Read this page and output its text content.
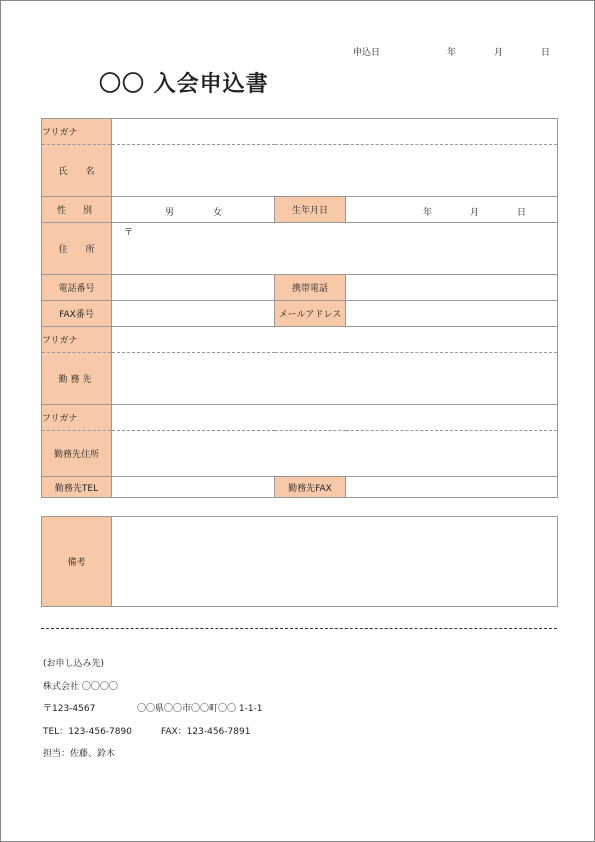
申込日	年	月	日
〇〇 入会申込書
フリガナ			
氏　　名			
性　別	男 女	生年月日	年 月 日

住　　所	〒		

電話番号		携帯電話	
FAX番号		メールアドレス	
フリガナ			
勤務先			
フリガナ			
勤務先住所			
勤務先TEL		勤務先FAX	
備考	
(お申し込み先)
株式会社 〇〇〇〇
〒123-4567	〇〇県〇〇市〇〇町〇〇 1-1-1
TEL：123-456-7890	FAX：123-456-7891
担当：佐藤、鈴木
